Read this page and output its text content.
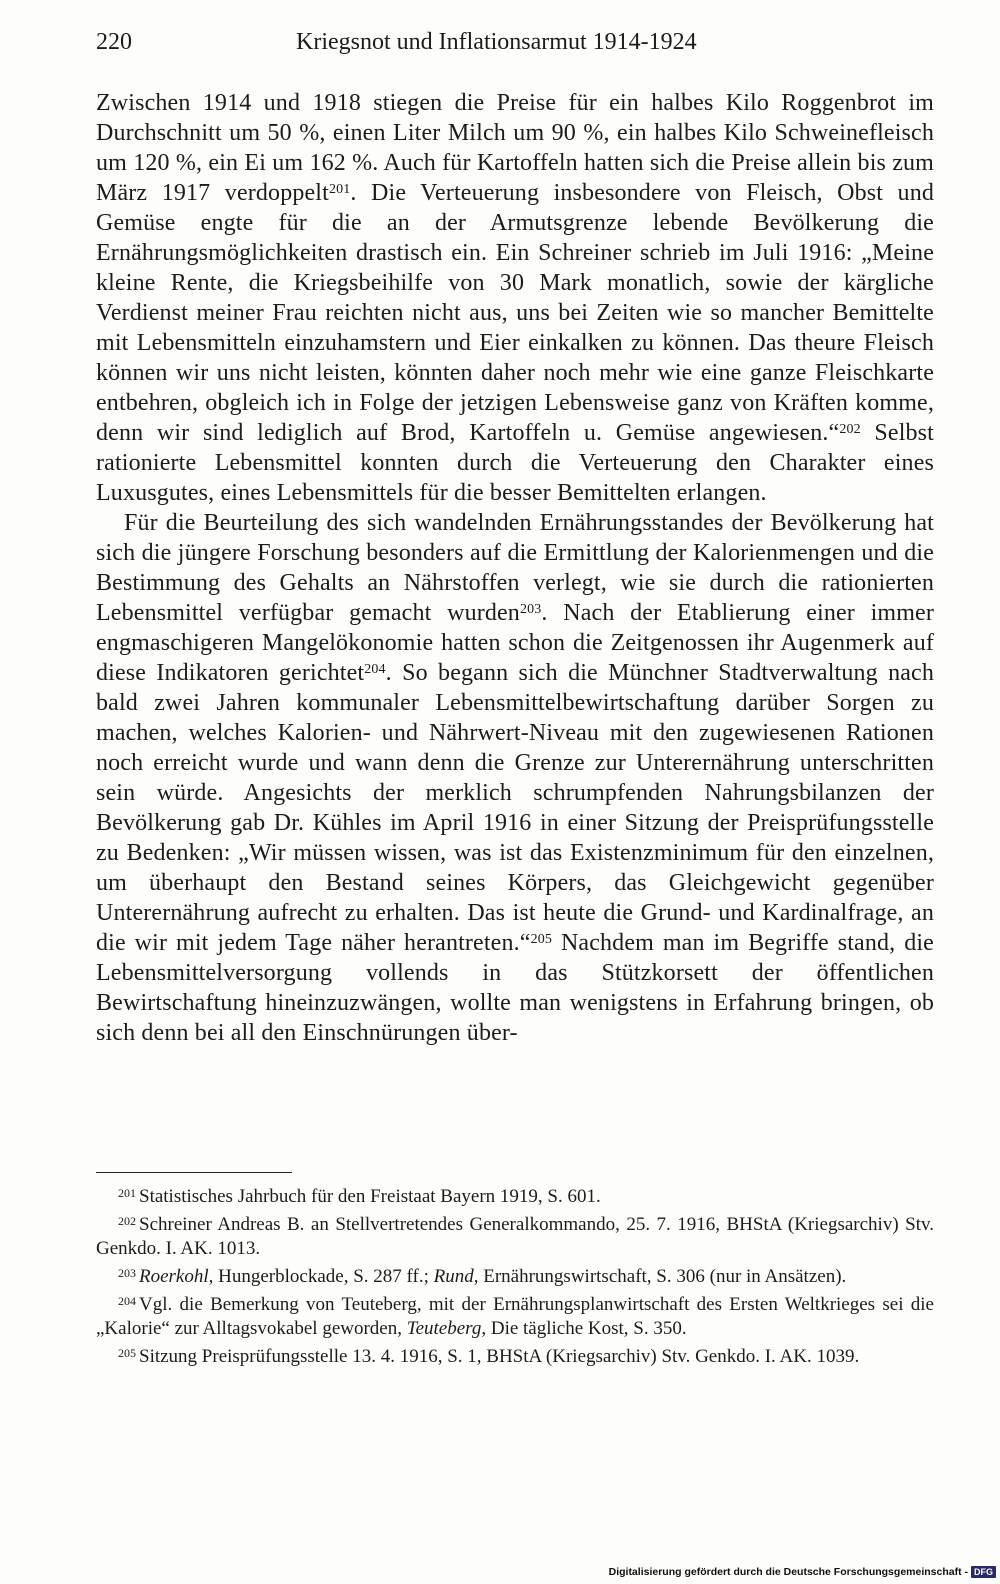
220	Kriegsnot und Inflationsarmut 1914-1924

Zwischen 1914 und 1918 stiegen die Preise für ein halbes Kilo Roggenbrot im Durchschnitt um 50 %, einen Liter Milch um 90 %, ein halbes Kilo Schweinefleisch um 120 %, ein Ei um 162 %. Auch für Kartoffeln hatten sich die Preise allein bis zum März 1917 verdoppelt$^{201}$. Die Verteuerung insbesondere von Fleisch, Obst und Gemüse engte für die an der Armutsgrenze lebende Bevölkerung die Ernährungsmöglichkeiten drastisch ein. Ein Schreiner schrieb im Juli 1916: „Meine kleine Rente, die Kriegsbeihilfe von 30 Mark monatlich, sowie der kärgliche Verdienst meiner Frau reichten nicht aus, uns bei Zeiten wie so mancher Bemittelte mit Lebensmitteln einzuhamstern und Eier einkalken zu können. Das theure Fleisch können wir uns nicht leisten, könnten daher noch mehr wie eine ganze Fleischkarte entbehren, obgleich ich in Folge der jetzigen Lebensweise ganz von Kräften komme, denn wir sind lediglich auf Brod, Kartoffeln u. Gemüse angewiesen.“$^{202}$ Selbst rationierte Lebensmittel konnten durch die Verteuerung den Charakter eines Luxusgutes, eines Lebensmittels für die besser Bemittelten erlangen.

Für die Beurteilung des sich wandelnden Ernährungsstandes der Bevölkerung hat sich die jüngere Forschung besonders auf die Ermittlung der Kalorienmengen und die Bestimmung des Gehalts an Nährstoffen verlegt, wie sie durch die rationierten Lebensmittel verfügbar gemacht wurden$^{203}$. Nach der Etablierung einer immer engmaschigeren Mangelökonomie hatten schon die Zeitgenossen ihr Augenmerk auf diese Indikatoren gerichtet$^{204}$. So begann sich die Münchner Stadtverwaltung nach bald zwei Jahren kommunaler Lebensmittelbewirtschaftung darüber Sorgen zu machen, welches Kalorien- und Nährwert-Niveau mit den zugewiesenen Rationen noch erreicht wurde und wann denn die Grenze zur Unterernährung unterschritten sein würde. Angesichts der merklich schrumpfenden Nahrungsbilanzen der Bevölkerung gab Dr. Kühles im April 1916 in einer Sitzung der Preisprüfungsstelle zu Bedenken: „Wir müssen wissen, was ist das Existenzminimum für den einzelnen, um überhaupt den Bestand seines Körpers, das Gleichgewicht gegenüber Unterernährung aufrecht zu erhalten. Das ist heute die Grund- und Kardinalfrage, an die wir mit jedem Tage näher herantreten.“$^{205}$ Nachdem man im Begriffe stand, die Lebensmittelversorgung vollends in das Stützkorsett der öffentlichen Bewirtschaftung hineinzuzwängen, wollte man wenigstens in Erfahrung bringen, ob sich denn bei all den Einschnürungen über-

$^{201}$ Statistisches Jahrbuch für den Freistaat Bayern 1919, S. 601.

$^{202}$ Schreiner Andreas B. an Stellvertretendes Generalkommando, 25. 7. 1916, BHStA (Kriegsarchiv) Stv. Genkdo. I. AK. 1013.

$^{203}$ Roerkohl, Hungerblockade, S. 287 ff.; Rund, Ernährungswirtschaft, S. 306 (nur in Ansätzen).

$^{204}$ Vgl. die Bemerkung von Teuteberg, mit der Ernährungsplanwirtschaft des Ersten Weltkrieges sei die „Kalorie“ zur Alltagsvokabel geworden, Teuteberg, Die tägliche Kost, S. 350.

$^{205}$ Sitzung Preisprüfungsstelle 13. 4. 1916, S. 1, BHStA (Kriegsarchiv) Stv. Genkdo. I. AK. 1039.

Digitalisierung gefördert durch die Deutsche Forschungsgemeinschaft - DFG
